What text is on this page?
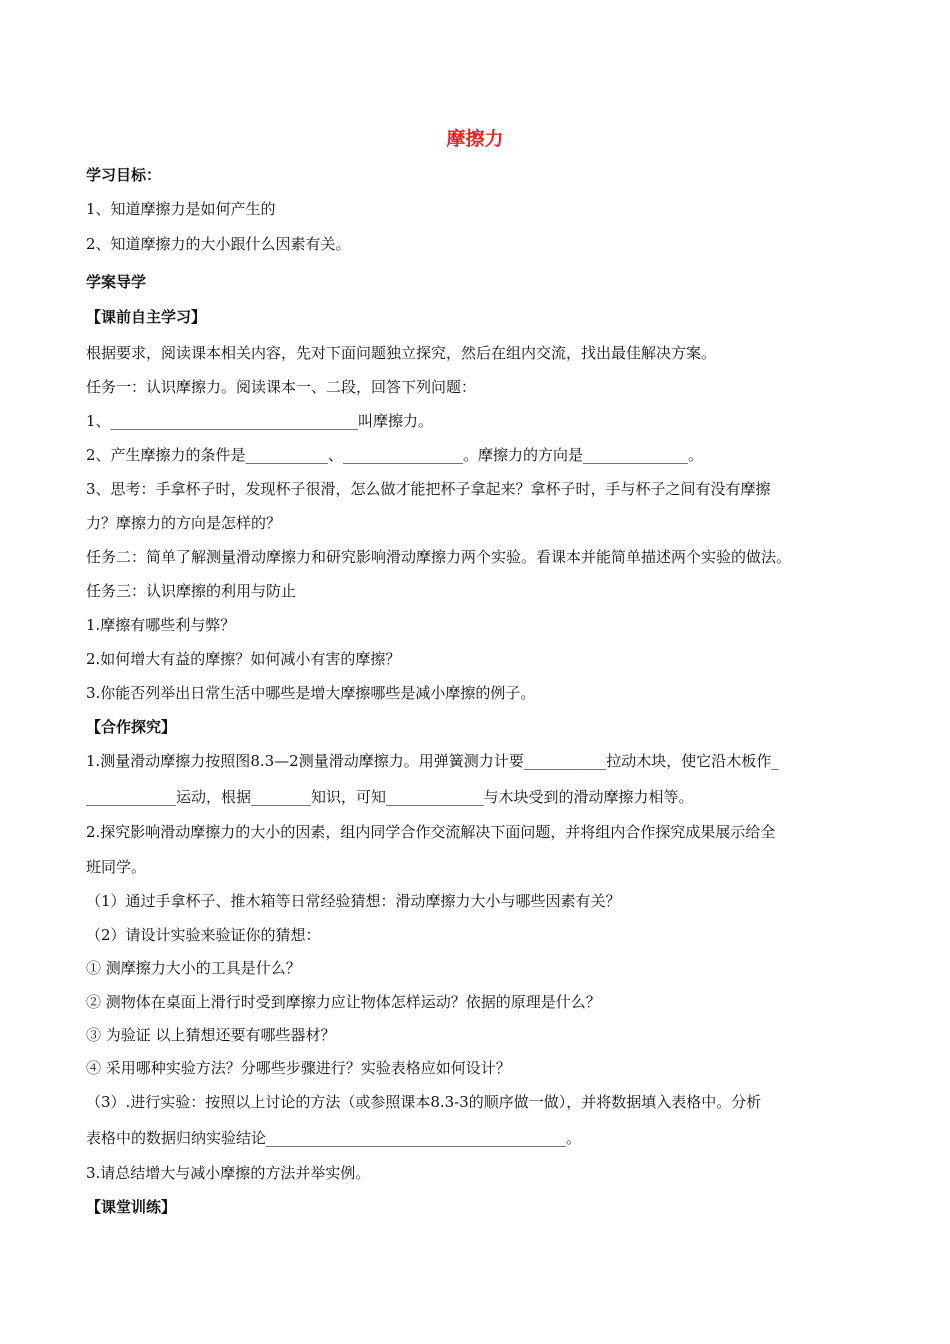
摩擦力
学习目标：
1、知道摩擦力是如何产生的
2、知道摩擦力的大小跟什么因素有关。
学案导学
【课前自主学习】
根据要求，阅读课本相关内容，先对下面问题独立探究，然后在组内交流，找出最佳解决方案。
任务一：认识摩擦力。阅读课本一、二段，回答下列问题：
1、_________________________________叫摩擦力。
2、产生摩擦力的条件是___________、________________。摩擦力的方向是______________。
3、思考：手拿杯子时，发现杯子很滑，怎么做才能把杯子拿起来？拿杯子时，手与杯子之间有没有摩擦
力？摩擦力的方向是怎样的？
任务二：简单了解测量滑动摩擦力和研究影响滑动摩擦力两个实验。看课本并能简单描述两个实验的做法。
任务三：认识摩擦的利用与防止
1.摩擦有哪些利与弊？
2.如何增大有益的摩擦？如何减小有害的摩擦？
3.你能否列举出日常生活中哪些是增大摩擦哪些是减小摩擦的例子。
【合作探究】
1.测量滑动摩擦力按照图8.3—2测量滑动摩擦力。用弹簧测力计要___________拉动木块，使它沿木板作_
____________运动，根据________知识，可知_____________与木块受到的滑动摩擦力相等。
2.探究影响滑动摩擦力的大小的因素，组内同学合作交流解决下面问题，并将组内合作探究成果展示给全
班同学。
（1）通过手拿杯子、推木箱等日常经验猜想：滑动摩擦力大小与哪些因素有关？
（2）请设计实验来验证你的猜想：
① 测摩擦力大小的工具是什么？
② 测物体在桌面上滑行时受到摩擦力应让物体怎样运动？依据的原理是什么？
③ 为验证 以上猜想还要有哪些器材？
④ 采用哪种实验方法？分哪些步骤进行？实验表格应如何设计？
（3）.进行实验：按照以上讨论的方法（或参照课本8.3-3的顺序做一做），并将数据填入表格中。分析
表格中的数据归纳实验结论________________________________________。
3.请总结增大与减小摩擦的方法并举实例。
【课堂训练】
